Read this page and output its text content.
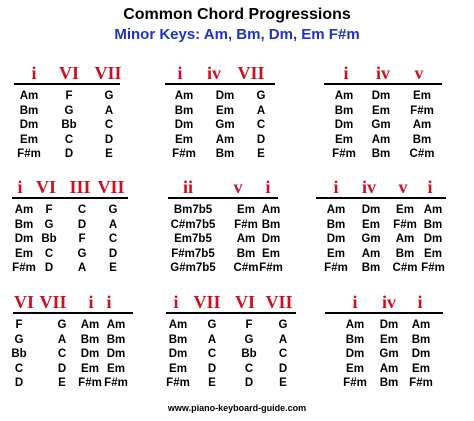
Common Chord Progressions
Minor Keys: Am, Bm, Dm, Em F#m
i VI VII
Am F	G
Bm G	A
Dm Bb C
Em C	D
F#m D	E
i iv VII
Am Dm G
Bm Em A
Dm Gm C
Em Am D
F#m Bm E
i iv v
Am Dm Em
Bm Em F#m
Dm Gm Am
Em Am Bm
F#m Bm C#m
i VI III VII
Am F C G
Bm G D A
Dm Bb F C
Em C G D
F#m D A E
ii v i
Bm7b5 Em Am
C#m7b5 F#m Bm
Em7b5 Am Dm
F#m7b5 Bm Em
G#m7b5 C#m F#m
i iv v i
Am Dm Em Am
Bm Em F#m Bm
Dm Gm Am Dm
Em Am Bm Em
F#m Bm C#m F#m
VI VII i i
F	G Am Am
G	A Bm Bm
Bb	C Dm Dm
C	D Em Em
D	E F#m F#m
i VII VI VII
Am G	F G
Bm A G A
Dm C Bb C
Em D C D
F#m E	D E
i iv i
Am Dm Am
Bm Em Bm
Dm Gm Dm
Em Am Em
F#m Bm F#m
www.piano-keyboard-guide.com
